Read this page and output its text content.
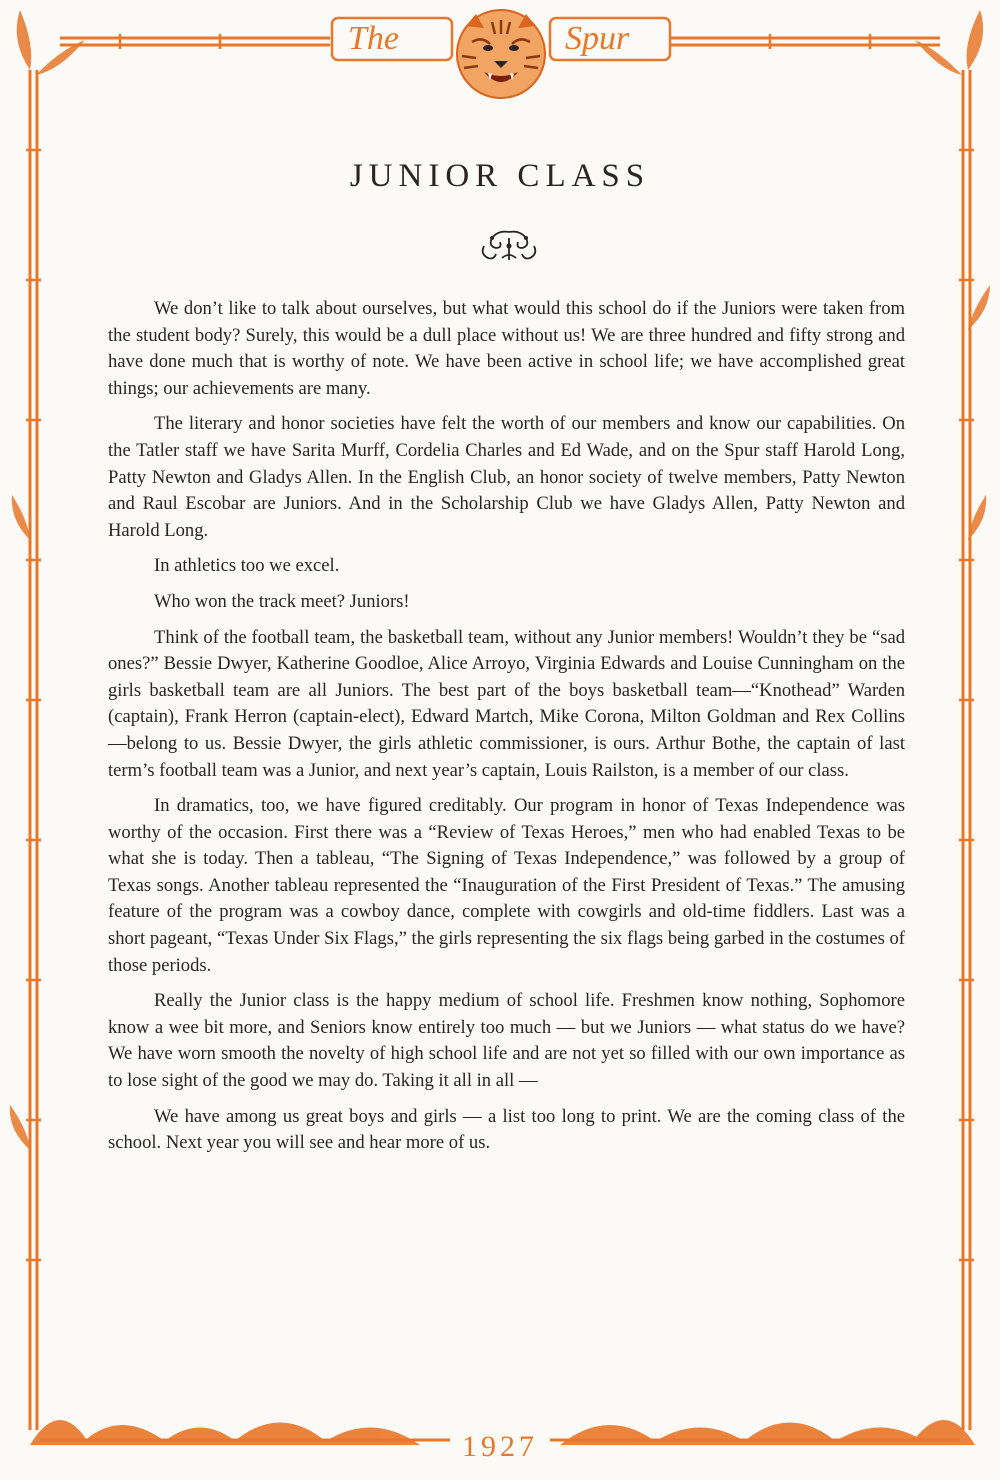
The	Spur
JUNIOR CLASS

We don’t like to talk about ourselves, but what would this school do if the Juniors were taken from the student body? Surely, this would be a dull place without us! We are three hundred and fifty strong and have done much that is worthy of note. We have been active in school life; we have accomplished great things; our achievements are many.

The literary and honor societies have felt the worth of our members and know our capabilities. On the Tatler staff we have Sarita Murff, Cordelia Charles and Ed Wade, and on the Spur staff Harold Long, Patty Newton and Gladys Allen. In the English Club, an honor society of twelve members, Patty Newton and Raul Escobar are Juniors. And in the Scholarship Club we have Gladys Allen, Patty Newton and Harold Long.

In athletics too we excel.

Who won the track meet? Juniors!

Think of the football team, the basketball team, without any Junior members! Wouldn’t they be “sad ones?” Bessie Dwyer, Katherine Goodloe, Alice Arroyo, Virginia Edwards and Louise Cunningham on the girls basketball team are all Juniors. The best part of the boys basketball team—“Knothead” Warden (captain), Frank Herron (captain-elect), Edward Martch, Mike Corona, Milton Goldman and Rex Collins—belong to us. Bessie Dwyer, the girls athletic commissioner, is ours. Arthur Bothe, the captain of last term’s football team was a Junior, and next year’s captain, Louis Railston, is a member of our class.

In dramatics, too, we have figured creditably. Our program in honor of Texas Independence was worthy of the occasion. First there was a “Review of Texas Heroes,” men who had enabled Texas to be what she is today. Then a tableau, “The Signing of Texas Independence,” was followed by a group of Texas songs. Another tableau represented the “Inauguration of the First President of Texas.” The amusing feature of the program was a cowboy dance, complete with cowgirls and old-time fiddlers. Last was a short pageant, “Texas Under Six Flags,” the girls representing the six flags being garbed in the costumes of those periods.

Really the Junior class is the happy medium of school life. Freshmen know nothing, Sophomore know a wee bit more, and Seniors know entirely too much — but we Juniors — what status do we have? We have worn smooth the novelty of high school life and are not yet so filled with our own importance as to lose sight of the good we may do. Taking it all in all —

We have among us great boys and girls — a list too long to print. We are the coming class of the school. Next year you will see and hear more of us.

1927
